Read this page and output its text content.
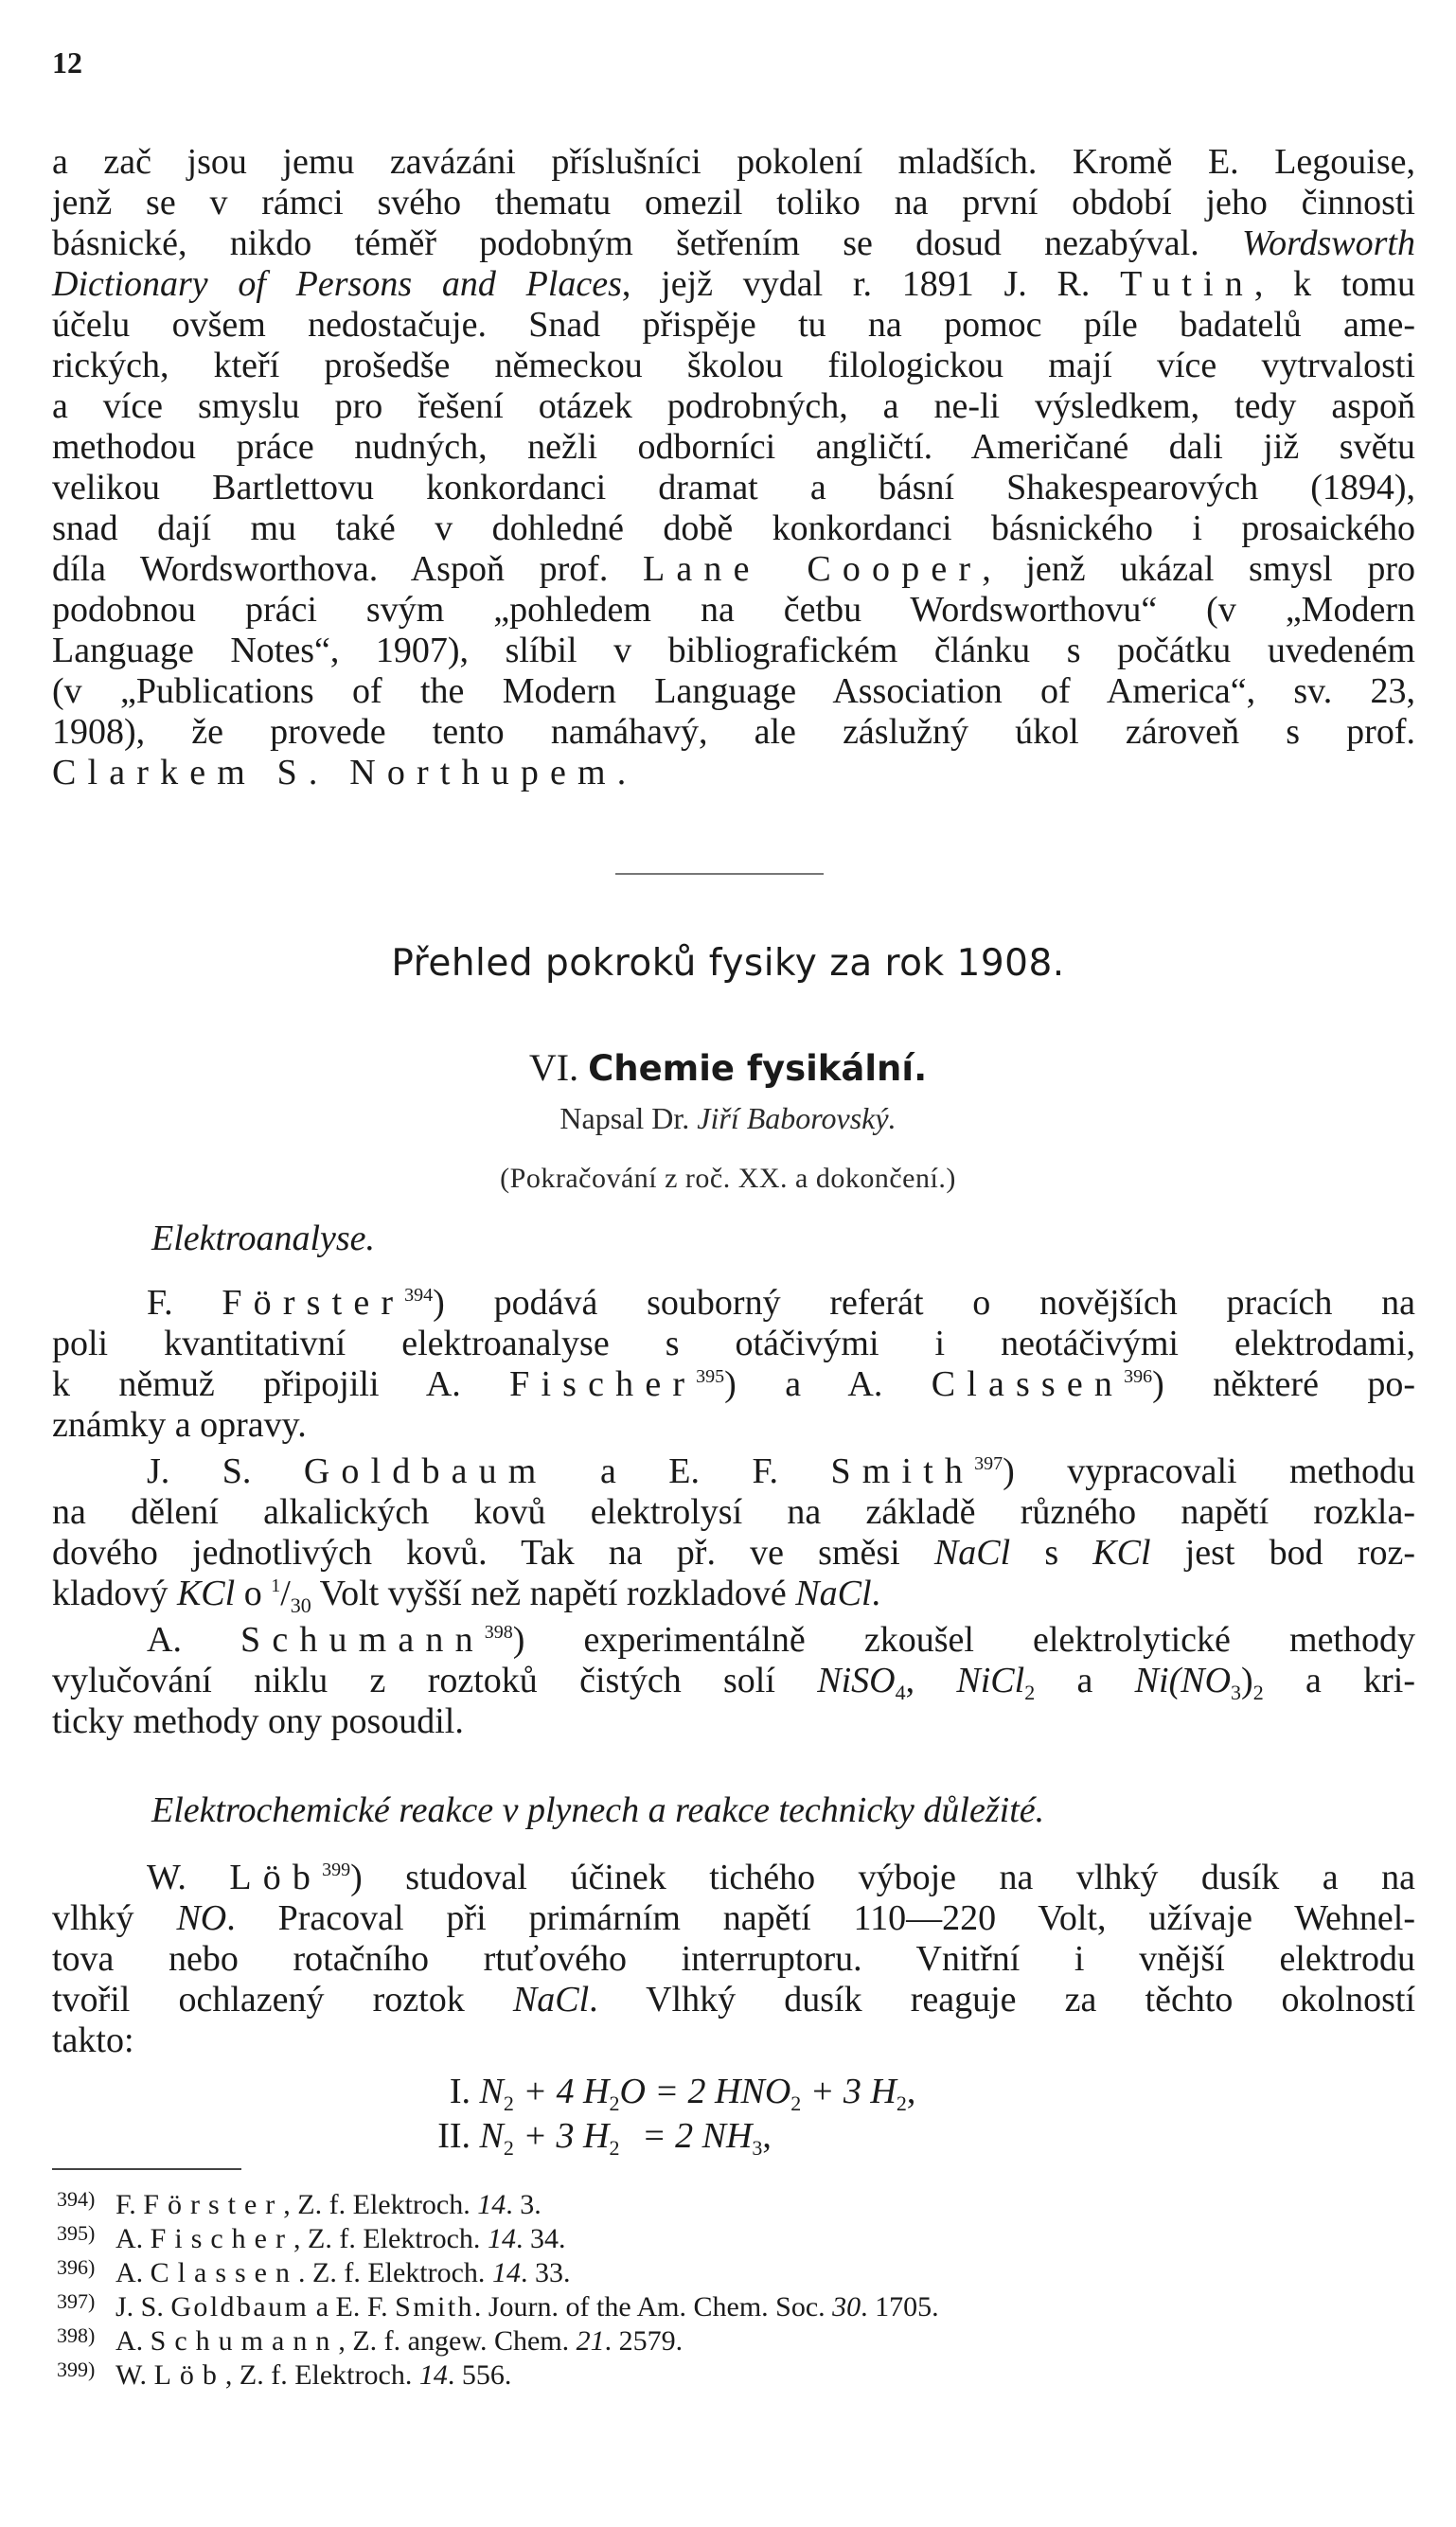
12
a zač jsou jemu zavázáni příslušníci pokolení mladších. Kromě E. Legouise,
jenž se v rámci svého thematu omezil toliko na první období jeho činnosti
básnické, nikdo téměř podobným šetřením se dosud nezabýval. Wordsworth
Dictionary of Persons and Places, jejž vydal r. 1891 J. R. Tutin, k tomu
účelu ovšem nedostačuje. Snad přispěje tu na pomoc píle badatelů ame-
rických, kteří prošedše německou školou filologickou mají více vytrvalosti
a více smyslu pro řešení otázek podrobných, a ne-li výsledkem, tedy aspoň
methodou práce nudných, nežli odborníci angličtí. Američané dali již světu
velikou Bartlettovu konkordanci dramat a básní Shakespearových (1894),
snad dají mu také v dohledné době konkordanci básnického i prosaického
díla Wordsworthova. Aspoň prof. Lane Cooper, jenž ukázal smysl pro
podobnou práci svým „pohledem na četbu Wordsworthovu“ (v „Modern
Language Notes“, 1907), slíbil v bibliografickém článku s počátku uvedeném
(v „Publications of the Modern Language Association of America“, sv. 23,
1908), že provede tento namáhavý, ale záslužný úkol zároveň s prof.
Clarkem S. Northupem.
Přehled pokroků fysiky za rok 1908.
VI. Chemie fysikální.
Napsal Dr. Jiří Baborovský.
(Pokračování z roč. XX. a dokončení.)
Elektroanalyse.
F. Förster$^{394}$) podává souborný referát o novějších pracích na
poli kvantitativní elektroanalyse s otáčivými i neotáčivými elektrodami,
k němuž připojili A. Fischer$^{395}$) a A. Classen$^{396}$) některé po-
známky a opravy.
J. S. Goldbaum a E. F. Smith$^{397}$) vypracovali methodu
na dělení alkalických kovů elektrolysí na základě různého napětí rozkla-
dového jednotlivých kovů. Tak na př. ve směsi NaCl s KCl jest bod roz-
kladový KCl o $^1/_{30}$ Volt vyšší než napětí rozkladové NaCl.
A. Schumann$^{398}$) experimentálně zkoušel elektrolytické methody
vylučování niklu z roztoků čistých solí NiSO$_4$, NiCl$_2$ a $Ni(NO_3)_2$ a kri-
ticky methody ony posoudil.
Elektrochemické reakce v plynech a reakce technicky důležité.
W. Löb$^{399}$) studoval účinek tichého výboje na vlhký dusík a na
vlhký NO. Pracoval při primárním napětí 110—220 Volt, užívaje Wehnel-
tova nebo rotačního rtuťového interruptoru. Vnitřní i vnější elektrodu
tvořil ochlazený roztok NaCl. Vlhký dusík reaguje za těchto okolností
takto:
I. $N_2 + 4$ $H_2O = 2$ $HNO_2 + 3$ $H_2$,
II. $N_2 + 3$ $H_2 = 2$ $NH_3$,
394) F. Förster, Z. f. Elektroch. 14. 3.
395) A. Fischer, Z. f. Elektroch. 14. 34.
396) A. Classen. Z. f. Elektroch. 14. 33.
397) J. S. Goldbaum a E. F. Smith. Journ. of the Am. Chem. Soc. 30. 1705.
398) A. Schumann, Z. f. angew. Chem. 21. 2579.
399) W. Löb, Z. f. Elektroch. 14. 556.
